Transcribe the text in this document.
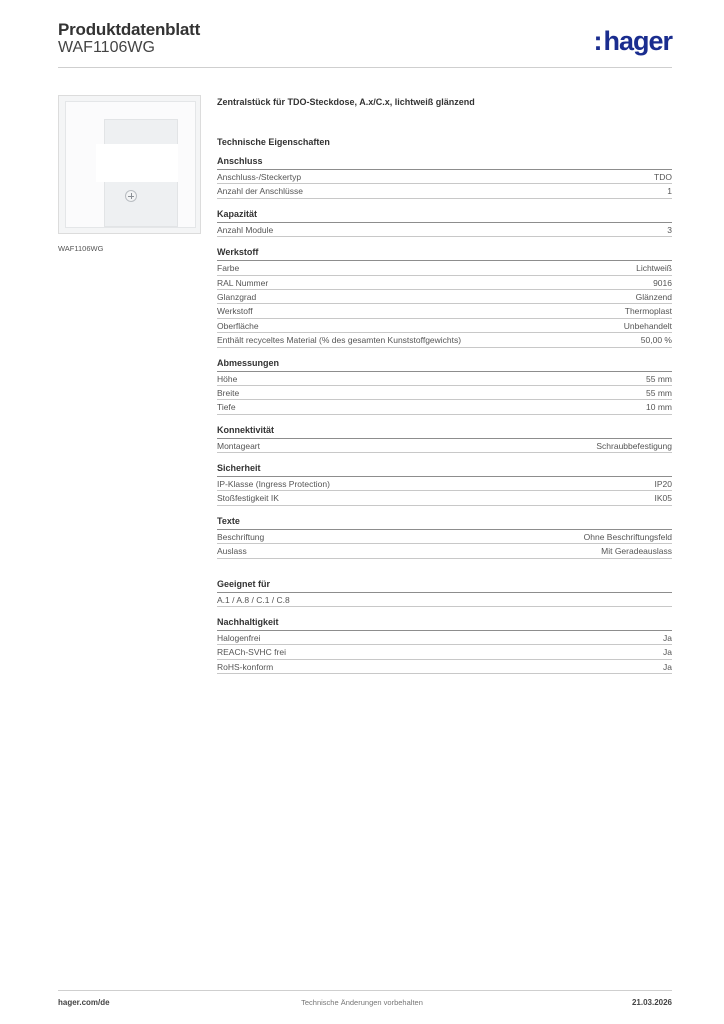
Produktdatenblatt
WAF1106WG	:hager
WAF1106WG
Zentralstück für TDO-Steckdose, A.x/C.x, lichtweiß glänzend
Technische Eigenschaften
Anschluss
Anschluss-/Steckertyp	TDO
Anzahl der Anschlüsse	1
Kapazität
Anzahl Module	3
Werkstoff
Farbe	Lichtweiß
RAL Nummer	9016
Glanzgrad	Glänzend
Werkstoff	Thermoplast
Oberfläche	Unbehandelt
Enthält recyceltes Material (% des gesamten Kunststoffgewichts)	50,00 %
Abmessungen
Höhe	55 mm
Breite	55 mm
Tiefe	10 mm
Konnektivität
Montageart	Schraubbefestigung
Sicherheit
IP-Klasse (Ingress Protection)	IP20
Stoßfestigkeit IK	IK05
Texte
Beschriftung	Ohne Beschriftungsfeld
Auslass	Mit Geradeauslass
Geeignet für
A.1 / A.8 / C.1 / C.8
Nachhaltigkeit
Halogenfrei	Ja
REACh-SVHC frei	Ja
RoHS-konform	Ja
hager.com/de	Technische Änderungen vorbehalten	21.03.2026
